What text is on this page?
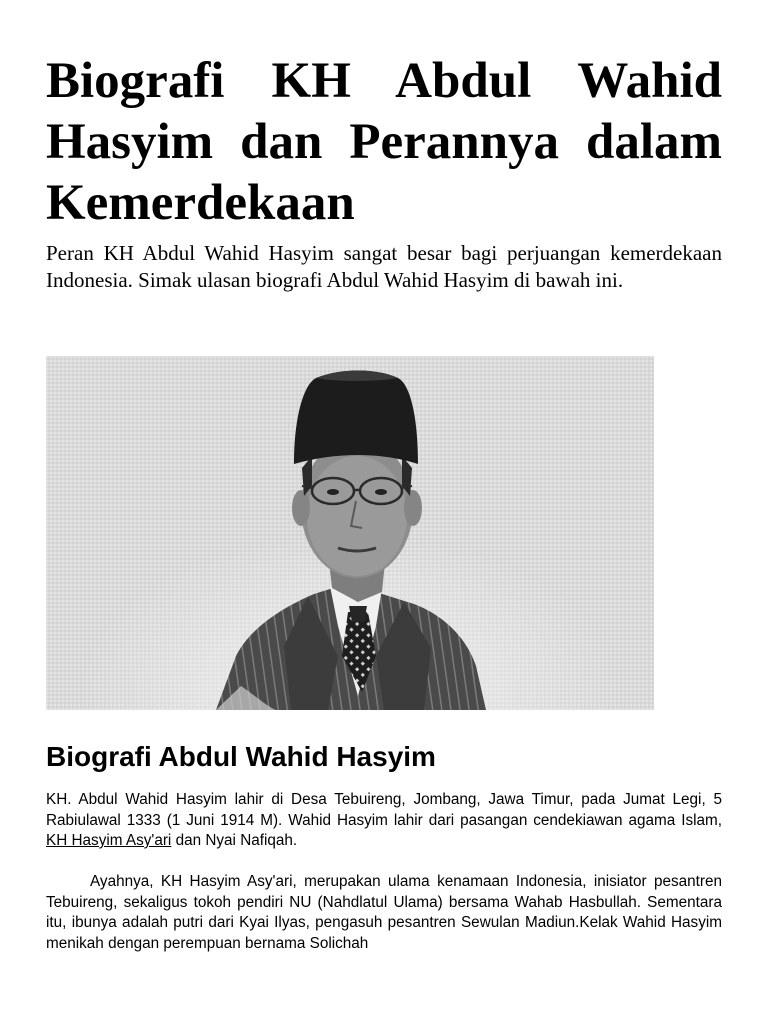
Biografi KH Abdul Wahid Hasyim dan Perannya dalam Kemerdekaan

Peran KH Abdul Wahid Hasyim sangat besar bagi perjuangan kemerdekaan Indonesia. Simak ulasan biografi Abdul Wahid Hasyim di bawah ini.

Biografi Abdul Wahid Hasyim

KH. Abdul Wahid Hasyim lahir di Desa Tebuireng, Jombang, Jawa Timur, pada Jumat Legi, 5 Rabiulawal 1333 (1 Juni 1914 M). Wahid Hasyim lahir dari pasangan cendekiawan agama Islam, KH Hasyim Asy'ari dan Nyai Nafiqah.

Ayahnya, KH Hasyim Asy'ari, merupakan ulama kenamaan Indonesia, inisiator pesantren Tebuireng, sekaligus tokoh pendiri NU (Nahdlatul Ulama) bersama Wahab Hasbullah. Sementara itu, ibunya adalah putri dari Kyai Ilyas, pengasuh pesantren Sewulan Madiun.Kelak Wahid Hasyim menikah dengan perempuan bernama Solichah
